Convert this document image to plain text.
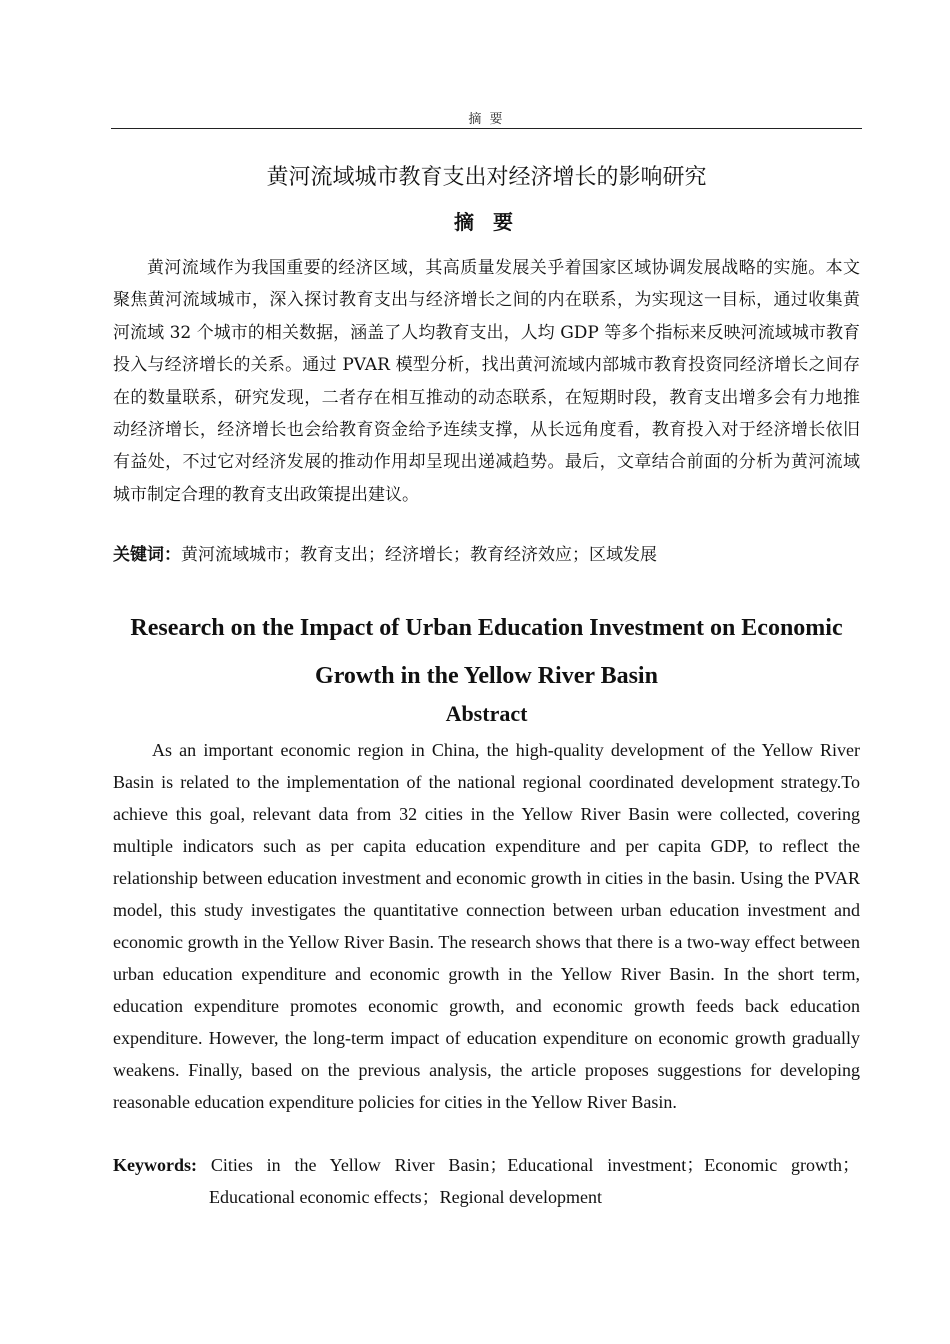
摘 要
黄河流域城市教育支出对经济增长的影响研究
摘 要

黄河流域作为我国重要的经济区域，其高质量发展关乎着国家区域协调发展战略的实施。本文聚焦黄河流域城市，深入探讨教育支出与经济增长之间的内在联系，为实现这一目标，通过收集黄河流域 32 个城市的相关数据，涵盖了人均教育支出，人均 GDP 等多个指标来反映河流域城市教育投入与经济增长的关系。通过 PVAR 模型分析，找出黄河流域内部城市教育投资同经济增长之间存在的数量联系，研究发现，二者存在相互推动的动态联系，在短期时段，教育支出增多会有力地推动经济增长，经济增长也会给教育资金给予连续支撑，从长远角度看，教育投入对于经济增长依旧有益处，不过它对经济发展的推动作用却呈现出递减趋势。最后，文章结合前面的分析为黄河流域城市制定合理的教育支出政策提出建议。

关键词：黄河流域城市；教育支出；经济增长；教育经济效应；区域发展
Research on the Impact of Urban Education Investment on Economic Growth in the Yellow River Basin
Abstract

As an important economic region in China, the high-quality development of the Yellow River Basin is related to the implementation of the national regional coordinated development strategy.To achieve this goal, relevant data from 32 cities in the Yellow River Basin were collected, covering multiple indicators such as per capita education expenditure and per capita GDP, to reflect the relationship between education investment and economic growth in cities in the basin. Using the PVAR model, this study investigates the quantitative connection between urban education investment and economic growth in the Yellow River Basin. The research shows that there is a two-way effect between urban education expenditure and economic growth in the Yellow River Basin. In the short term, education expenditure promotes economic growth, and economic growth feeds back education expenditure. However, the long-term impact of education expenditure on economic growth gradually weakens. Finally, based on the previous analysis, the article proposes suggestions for developing reasonable education expenditure policies for cities in the Yellow River Basin.

Keywords: Cities in the Yellow River Basin；Educational investment；Economic growth；Educational economic effects；Regional development
